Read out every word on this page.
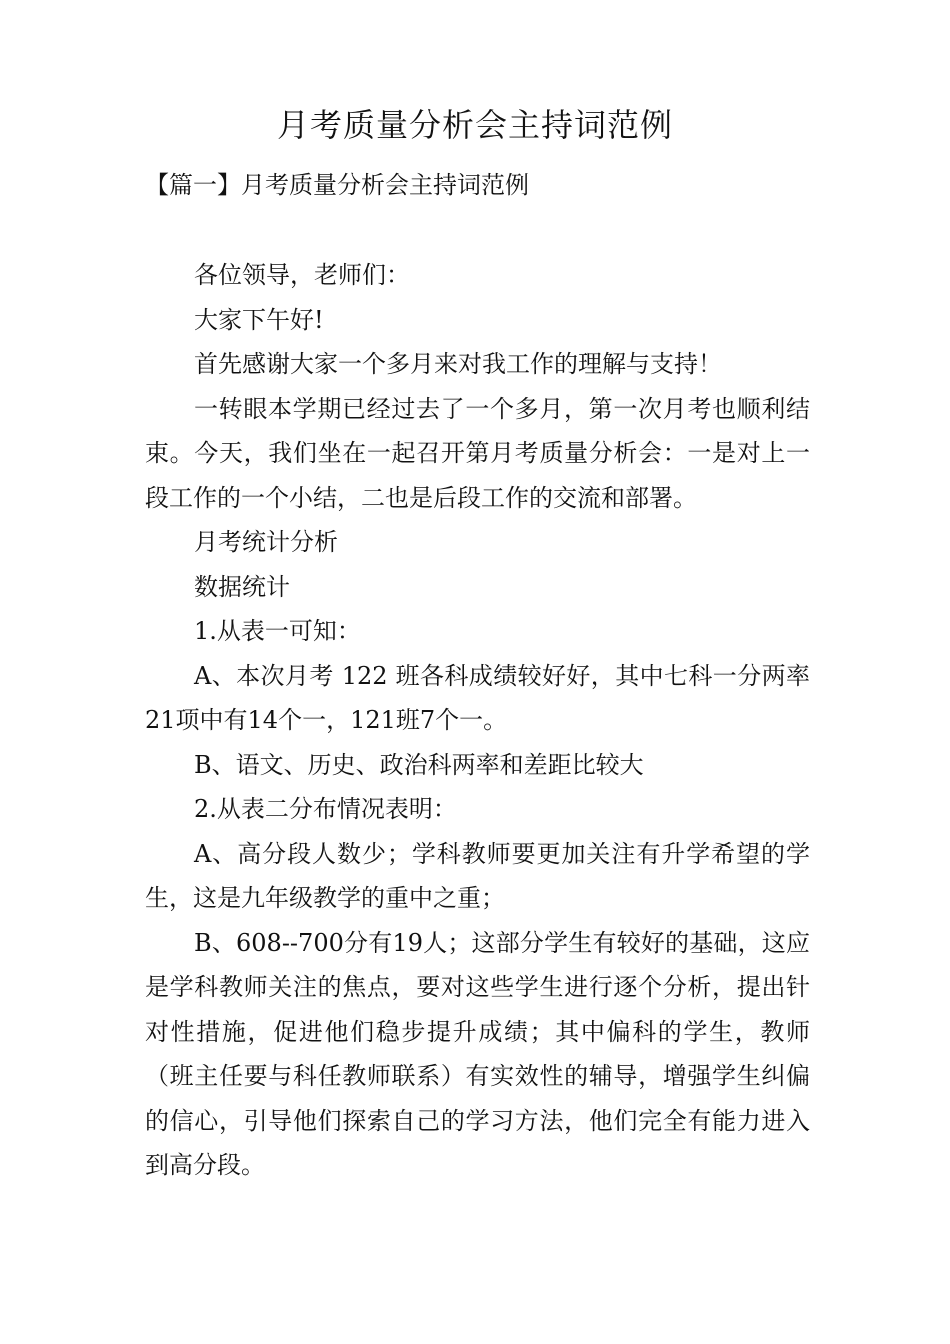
月考质量分析会主持词范例
【篇一】月考质量分析会主持词范例

各位领导，老师们：

大家下午好!

首先感谢大家一个多月来对我工作的理解与支持！

一转眼本学期已经过去了一个多月，第一次月考也顺利结束。今天，我们坐在一起召开第月考质量分析会：一是对上一段工作的一个小结，二也是后段工作的交流和部署。

月考统计分析

数据统计

1.从表一可知：

A、本次月考 122 班各科成绩较好好，其中七科一分两率21项中有14个一，121班7个一。

B、语文、历史、政治科两率和差距比较大

2.从表二分布情况表明：

A、高分段人数少；学科教师要更加关注有升学希望的学生，这是九年级教学的重中之重；

B、608--700分有19人；这部分学生有较好的基础，这应是学科教师关注的焦点，要对这些学生进行逐个分析，提出针对性措施，促进他们稳步提升成绩；其中偏科的学生，教师（班主任要与科任教师联系）有实效性的辅导，增强学生纠偏的信心，引导他们探索自己的学习方法，他们完全有能力进入到高分段。
